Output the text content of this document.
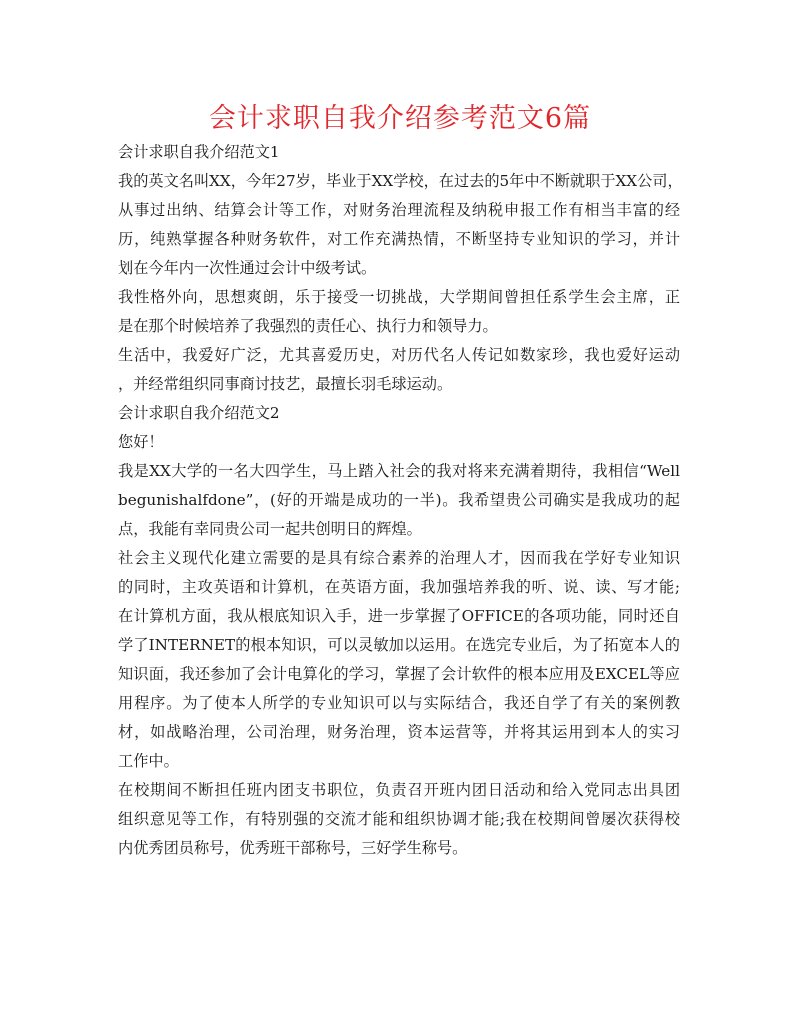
会计求职自我介绍参考范文6篇
会计求职自我介绍范文1
我的英文名叫XX，今年27岁，毕业于XX学校，在过去的5年中不断就职于XX公司，
从事过出纳、结算会计等工作，对财务治理流程及纳税申报工作有相当丰富的经
历，纯熟掌握各种财务软件，对工作充满热情，不断坚持专业知识的学习，并计
划在今年内一次性通过会计中级考试。
我性格外向，思想爽朗，乐于接受一切挑战，大学期间曾担任系学生会主席，正
是在那个时候培养了我强烈的责任心、执行力和领导力。
生活中，我爱好广泛，尤其喜爱历史，对历代名人传记如数家珍，我也爱好运动
，并经常组织同事商讨技艺，最擅长羽毛球运动。
会计求职自我介绍范文2
您好！
我是XX大学的一名大四学生，马上踏入社会的我对将来充满着期待，我相信“Well
begunishalfdone”，(好的开端是成功的一半)。我希望贵公司确实是我成功的起
点，我能有幸同贵公司一起共创明日的辉煌。
社会主义现代化建立需要的是具有综合素养的治理人才，因而我在学好专业知识
的同时，主攻英语和计算机，在英语方面，我加强培养我的听、说、读、写才能;
在计算机方面，我从根底知识入手，进一步掌握了OFFICE的各项功能，同时还自
学了INTERNET的根本知识，可以灵敏加以运用。在选完专业后，为了拓宽本人的
知识面，我还参加了会计电算化的学习，掌握了会计软件的根本应用及EXCEL等应
用程序。为了使本人所学的专业知识可以与实际结合，我还自学了有关的案例教
材，如战略治理，公司治理，财务治理，资本运营等，并将其运用到本人的实习
工作中。
在校期间不断担任班内团支书职位，负责召开班内团日活动和给入党同志出具团
组织意见等工作，有特别强的交流才能和组织协调才能;我在校期间曾屡次获得校
内优秀团员称号，优秀班干部称号，三好学生称号。
